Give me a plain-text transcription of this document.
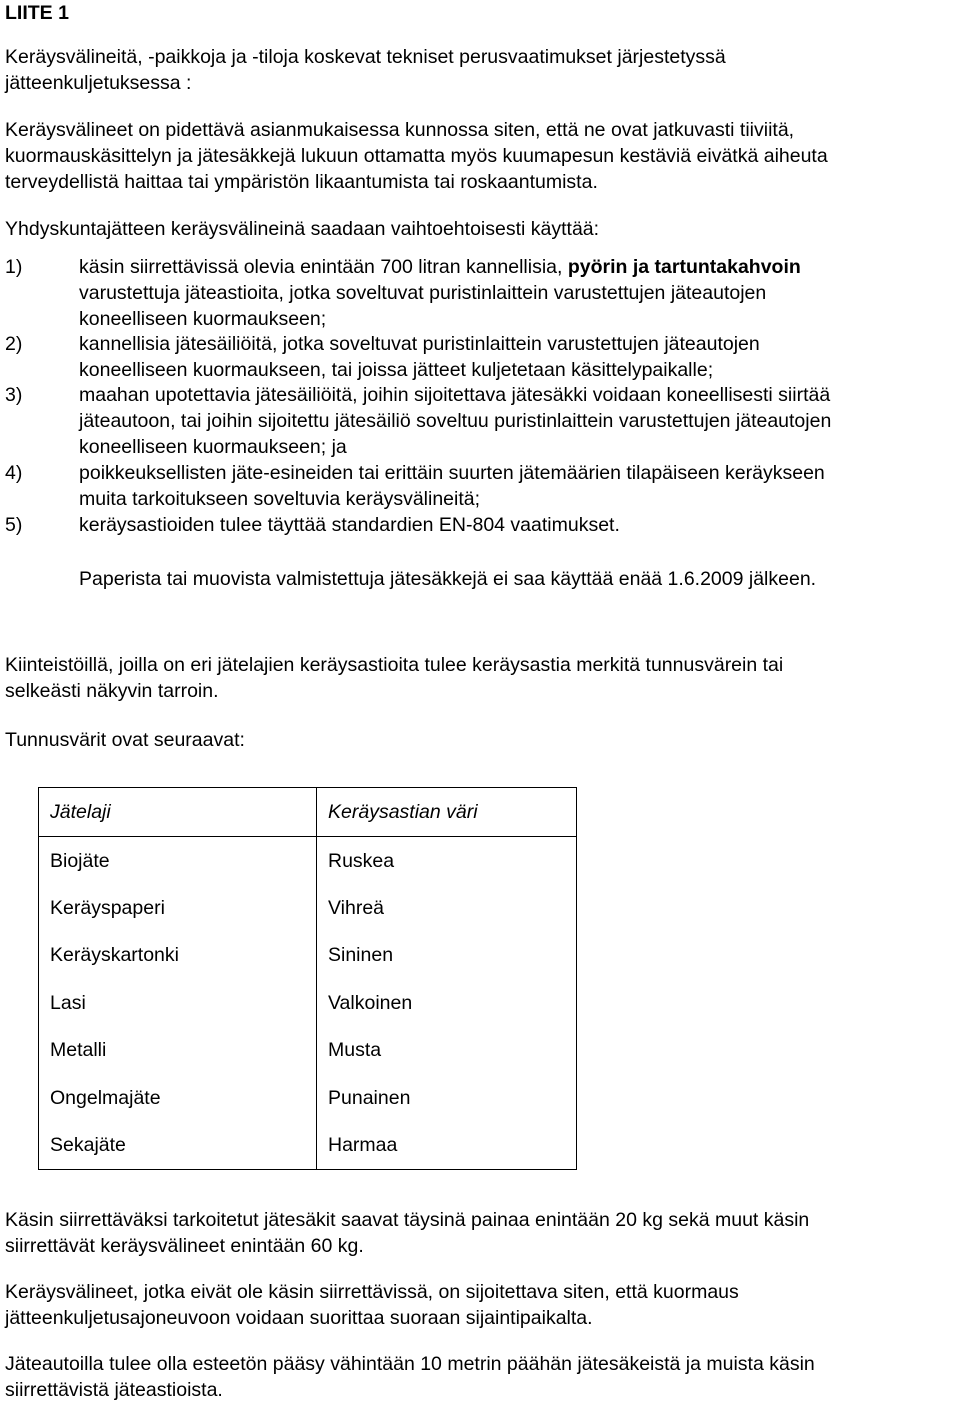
LIITE 1
Keräysvälineitä, -paikkoja ja -tiloja koskevat tekniset perusvaatimukset järjestetyssä
jätteenkuljetuksessa :
Keräysvälineet on pidettävä asianmukaisessa kunnossa siten, että ne ovat jatkuvasti tiiviitä,
kuormauskäsittelyn ja jätesäkkejä lukuun ottamatta myös kuumapesun kestäviä eivätkä aiheuta
terveydellistä haittaa tai ympäristön likaantumista tai roskaantumista.
Yhdyskuntajätteen keräysvälineinä saadaan vaihtoehtoisesti käyttää:
1)	käsin siirrettävissä olevia enintään 700 litran kannellisia, pyörin ja tartuntakahvoin
varustettuja jäteastioita, jotka soveltuvat puristinlaittein varustettujen jäteautojen
koneelliseen kuormaukseen;
2)	kannellisia jätesäiliöitä, jotka soveltuvat puristinlaittein varustettujen jäteautojen
koneelliseen kuormaukseen, tai joissa jätteet kuljetetaan käsittelypaikalle;
3)	maahan upotettavia jätesäiliöitä, joihin sijoitettava jätesäkki voidaan koneellisesti siirtää
jäteautoon, tai joihin sijoitettu jätesäiliö soveltuu puristinlaittein varustettujen jäteautojen
koneelliseen kuormaukseen; ja
4)	poikkeuksellisten jäte-esineiden tai erittäin suurten jätemäärien tilapäiseen keräykseen
muita tarkoitukseen soveltuvia keräysvälineitä;
5)	keräysastioiden tulee täyttää standardien EN-804 vaatimukset.
Paperista tai muovista valmistettuja jätesäkkejä ei saa käyttää enää 1.6.2009 jälkeen.
Kiinteistöillä, joilla on eri jätelajien keräysastioita tulee keräysastia merkitä tunnusvärein tai
selkeästi näkyvin tarroin.
Tunnusvärit ovat seuraavat:
Jätelaji	Keräysastian väri
Biojäte	Ruskea
Keräyspaperi	Vihreä
Keräyskartonki	Sininen
Lasi	Valkoinen
Metalli	Musta
Ongelmajäte	Punainen
Sekajäte	Harmaa
Käsin siirrettäväksi tarkoitetut jätesäkit saavat täysinä painaa enintään 20 kg sekä muut käsin
siirrettävät keräysvälineet enintään 60 kg.
Keräysvälineet, jotka eivät ole käsin siirrettävissä, on sijoitettava siten, että kuormaus
jätteenkuljetusajoneuvoon voidaan suorittaa suoraan sijaintipaikalta.
Jäteautoilla tulee olla esteetön pääsy vähintään 10 metrin päähän jätesäkeistä ja muista käsin
siirrettävistä jäteastioista.
